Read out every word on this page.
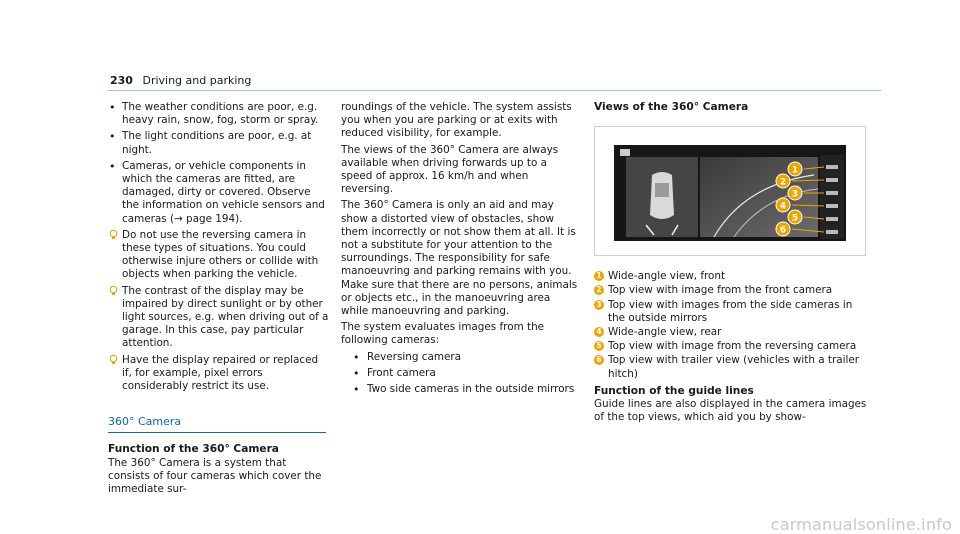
230 Driving and parking
• The weather conditions are poor, e.g. heavy rain, snow, fog, storm or spray.
• The light conditions are poor, e.g. at night.
• Cameras, or vehicle components in which the cameras are fitted, are damaged, dirty or covered. Observe the information on vehicle sensors and cameras (→ page 194).
Do not use the reversing camera in these types of situations. You could otherwise injure others or collide with objects when parking the vehicle.
The contrast of the display may be impaired by direct sunlight or by other light sources, e.g. when driving out of a garage. In this case, pay particular attention.
Have the display repaired or replaced if, for example, pixel errors considerably restrict its use.
360° Camera
Function of the 360° Camera

The 360° Camera is a system that consists of four cameras which cover the immediate sur-

roundings of the vehicle. The system assists you when you are parking or at exits with reduced visibility, for example.

The views of the 360° Camera are always available when driving forwards up to a speed of approx. 16 km/h and when reversing.

The 360° Camera is only an aid and may show a distorted view of obstacles, show them incorrectly or not show them at all. It is not a substitute for your attention to the surroundings. The responsibility for safe manoeuvring and parking remains with you. Make sure that there are no persons, animals or objects etc., in the manoeuvring area while manoeuvring and parking.

The system evaluates images from the following cameras:

• Reversing camera
• Front camera
• Two side cameras in the outside mirrors
Views of the 360° Camera
1
2
3
4
5
6
1 Wide-angle view, front
2 Top view with image from the front camera
3 Top view with images from the side cameras in the outside mirrors
4 Wide-angle view, rear
5 Top view with image from the reversing camera
6 Top view with trailer view (vehicles with a trailer hitch)
Function of the guide lines

Guide lines are also displayed in the camera images of the top views, which aid you by show-

carmanualsonline.info
